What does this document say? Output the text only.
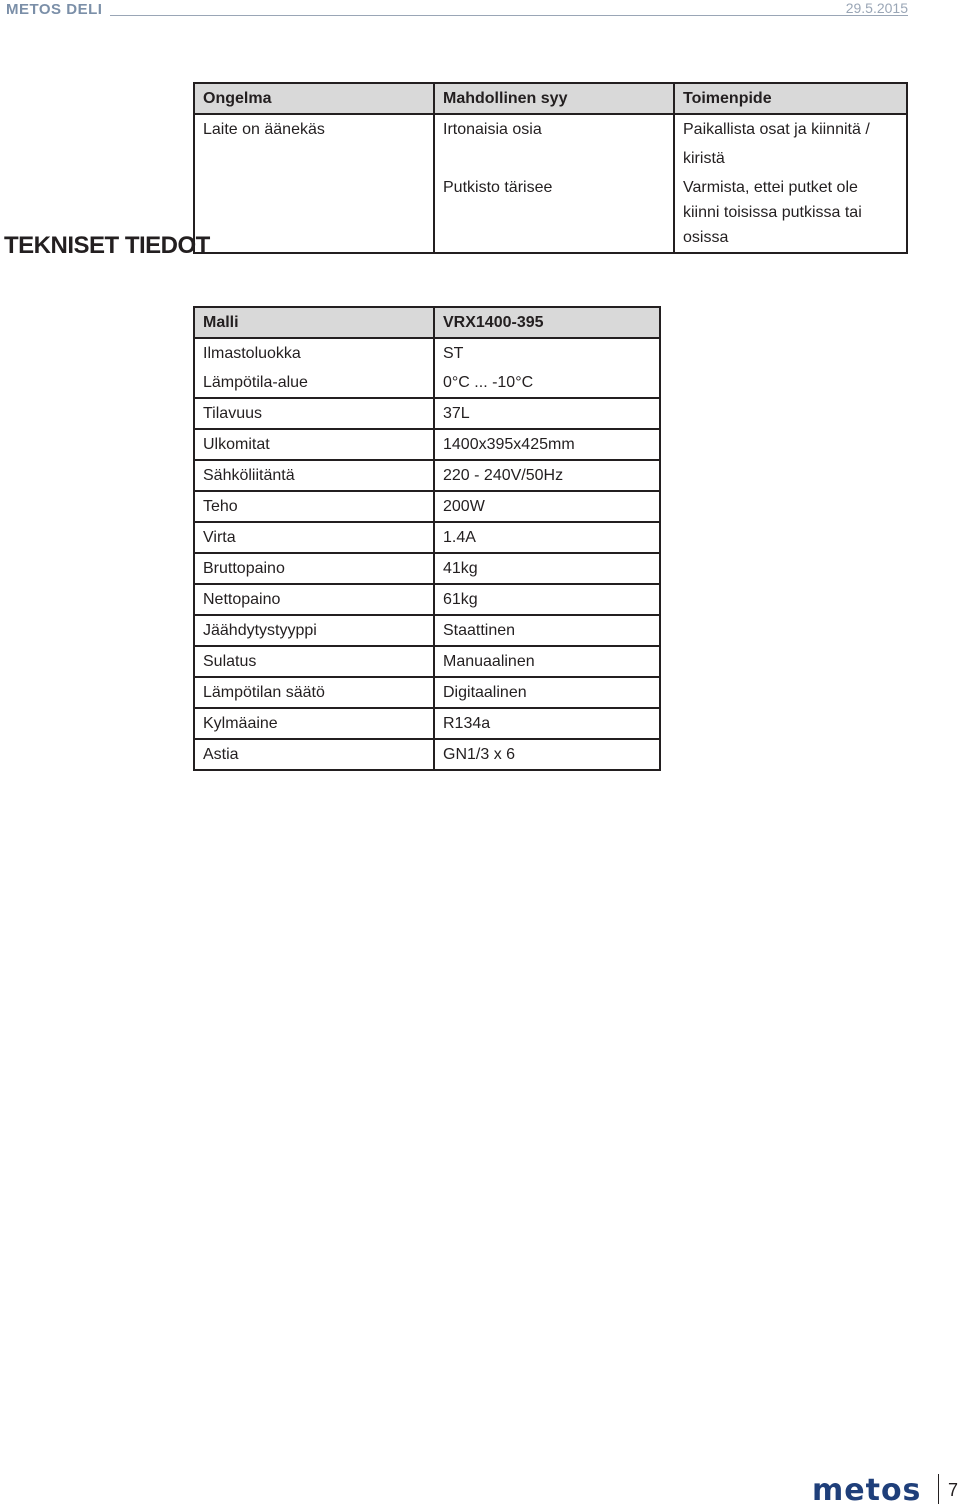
METOS DELI	29.5.2015
Ongelma	Mahdollinen syy	Toimenpide
Laite on äänekäs	Irtonaisia osia	Paikallista osat ja kiinnitä / kiristä
	Putkisto tärisee	Varmista, ettei putket ole kiinni toisissa putkissa tai osissa
TEKNISET TIEDOT
Malli	VRX1400-395
Ilmastoluokka	ST
Lämpötila-alue	0°C ... -10°C
Tilavuus	37L
Ulkomitat	1400x395x425mm
Sähköliitäntä	220 - 240V/50Hz
Teho	200W
Virta	1.4A
Bruttopaino	41kg
Nettopaino	61kg
Jäähdytystyyppi	Staattinen
Sulatus	Manuaalinen
Lämpötilan säätö	Digitaalinen
Kylmäaine	R134a
Astia	GN1/3 x 6
metos 7
